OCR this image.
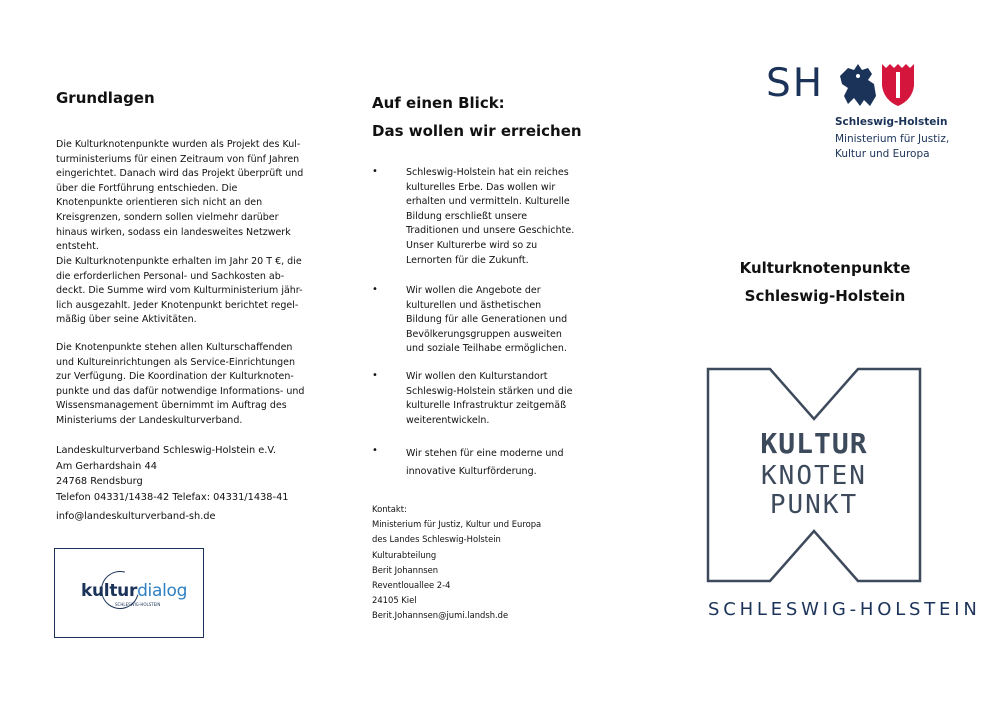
Grundlagen

Die Kulturknotenpunkte wurden als Projekt des Kul-turministeriums für einen Zeitraum von fünf Jahren eingerichtet. Danach wird das Projekt überprüft und über die Fortführung entschieden. Die Knotenpunkte orientieren sich nicht an den Kreisgrenzen, sondern sollen vielmehr darüber hinaus wirken, sodass ein landesweites Netzwerk entsteht.

Die Kulturknotenpunkte erhalten im Jahr 20 T €, die die erforderlichen Personal- und Sachkosten ab-deckt. Die Summe wird vom Kulturministerium jähr-lich ausgezahlt. Jeder Knotenpunkt berichtet regel-mäßig über seine Aktivitäten.

Die Knotenpunkte stehen allen Kulturschaffenden und Kultureinrichtungen als Service-Einrichtungen zur Verfügung. Die Koordination der Kulturknoten-punkte und das dafür notwendige Informations- und Wissensmanagement übernimmt im Auftrag des Ministeriums der Landeskulturverband.

Landeskulturverband Schleswig-Holstein e.V.
Am Gerhardshain 44
24768 Rendsburg
Telefon 04331/1438-42 Telefax: 04331/1438-41
info@landeskulturverband-sh.de
kulturdialog
SCHLESWIG-HOLSTEIN
Auf einen Blick:
Das wollen wir erreichen
•	Schleswig-Holstein hat ein reiches kulturelles Erbe. Das wollen wir erhalten und vermitteln. Kulturelle Bildung erschließt unsere Traditionen und unsere Geschichte. Unser Kulturerbe wird so zu Lernorten für die Zukunft.

•	Wir wollen die Angebote der kulturellen und ästhetischen Bildung für alle Generationen und Bevölkerungsgruppen ausweiten und soziale Teilhabe ermöglichen.

•	Wir wollen den Kulturstandort Schleswig-Holstein stärken und die kulturelle Infrastruktur zeitgemäß weiterentwickeln.

•	Wir stehen für eine moderne und innovative Kulturförderung.

Kontakt:
Ministerium für Justiz, Kultur und Europa
des Landes Schleswig-Holstein
Kulturabteilung
Berit Johannsen
Reventlouallee 2-4
24105 Kiel
Berit.Johannsen@jumi.landsh.de
SH
Schleswig-Holstein
Ministerium für Justiz,
Kultur und Europa
Kulturknotenpunkte
Schleswig-Holstein
KULTUR
KNOTEN
PUNKT
SCHLESWIG-HOLSTEIN
